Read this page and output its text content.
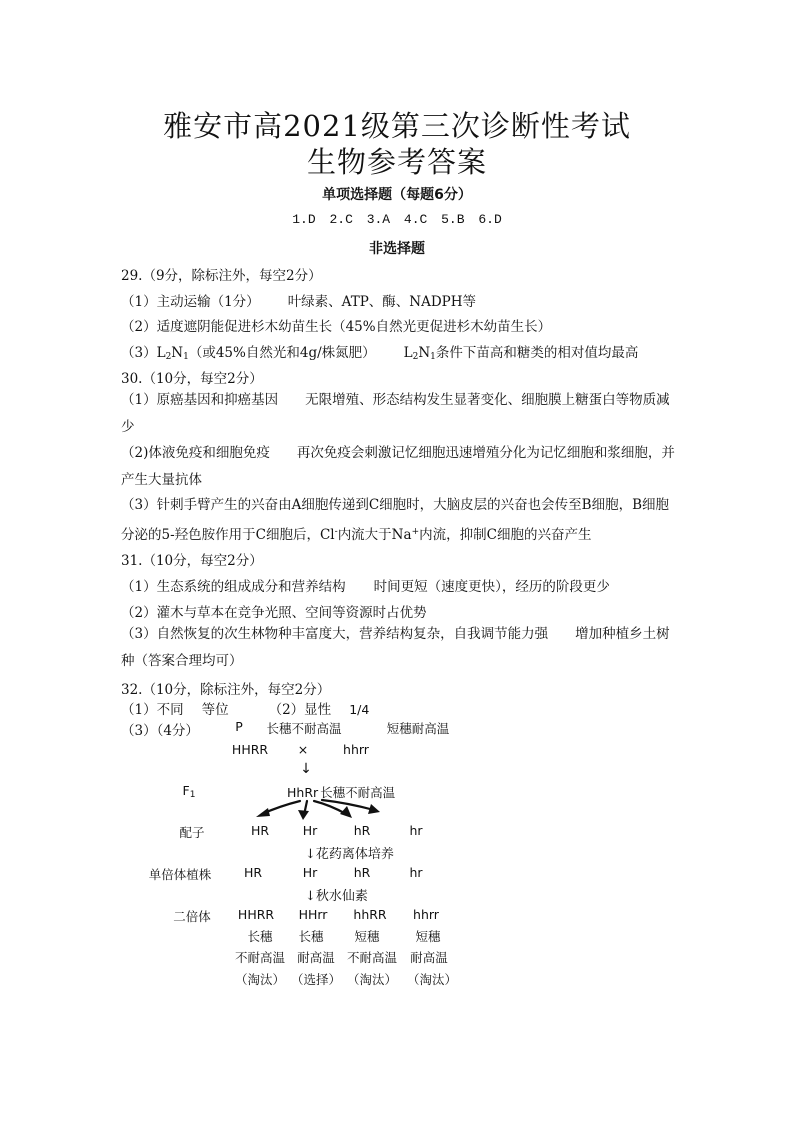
雅安市高2021级第三次诊断性考试
生物参考答案
单项选择题（每题6分）
1.D 2.C 3.A 4.C 5.B 6.D
非选择题
29.（9分，除标注外，每空2分）
（1）主动运输（1分） 叶绿素、ATP、酶、NADPH等
（2）适度遮阴能促进杉木幼苗生长（45%自然光更促进杉木幼苗生长）
$(3)L_2N_1$（或45%自然光和4g/株氮肥） $L_2N_1$条件下苗高和糖类的相对值均最高
30.（10分，每空2分）
（1）原癌基因和抑癌基因　　无限增殖、形态结构发生显著变化、细胞膜上糖蛋白等物质减少
（2)体液免疫和细胞免疫　　再次免疫会刺激记忆细胞迅速增殖分化为记忆细胞和浆细胞，并产生大量抗体
（3）针刺手臂产生的兴奋由A细胞传递到C细胞时，大脑皮层的兴奋也会传至B细胞，B细胞分泌的5-羟色胺作用于C细胞后，Cl-内流大于Na+内流，抑制C细胞的兴奋产生
31.（10分，每空2分）
（1）生态系统的组成成分和营养结构 时间更短（速度更快），经历的阶段更少
（2）灌木与草本在竞争光照、空间等资源时占优势
（3）自然恢复的次生林物种丰富度大，营养结构复杂，自我调节能力强　　增加种植乡土树种（答案合理均可）
32.（10分，除标注外，每空2分）
（1）不同 等位	（2）显性 1/4
（3）（4分）	P 长穗不耐高温	短穗耐高温
HHRR ×	hhrr
↓
$F_1$	HhRr 长穗不耐高温
配子	HR	Hr	hR	hr
↓花药离体培养
单倍体植株	HR	Hr	hR	hr
↓秋水仙素
二倍体 HHRR HHrr hhRR hhrr
长穗 长穗 短穗	短穗
不耐高温 耐高温 不耐高温 耐高温
（淘汰） （选择） （淘汰） （淘汰）
